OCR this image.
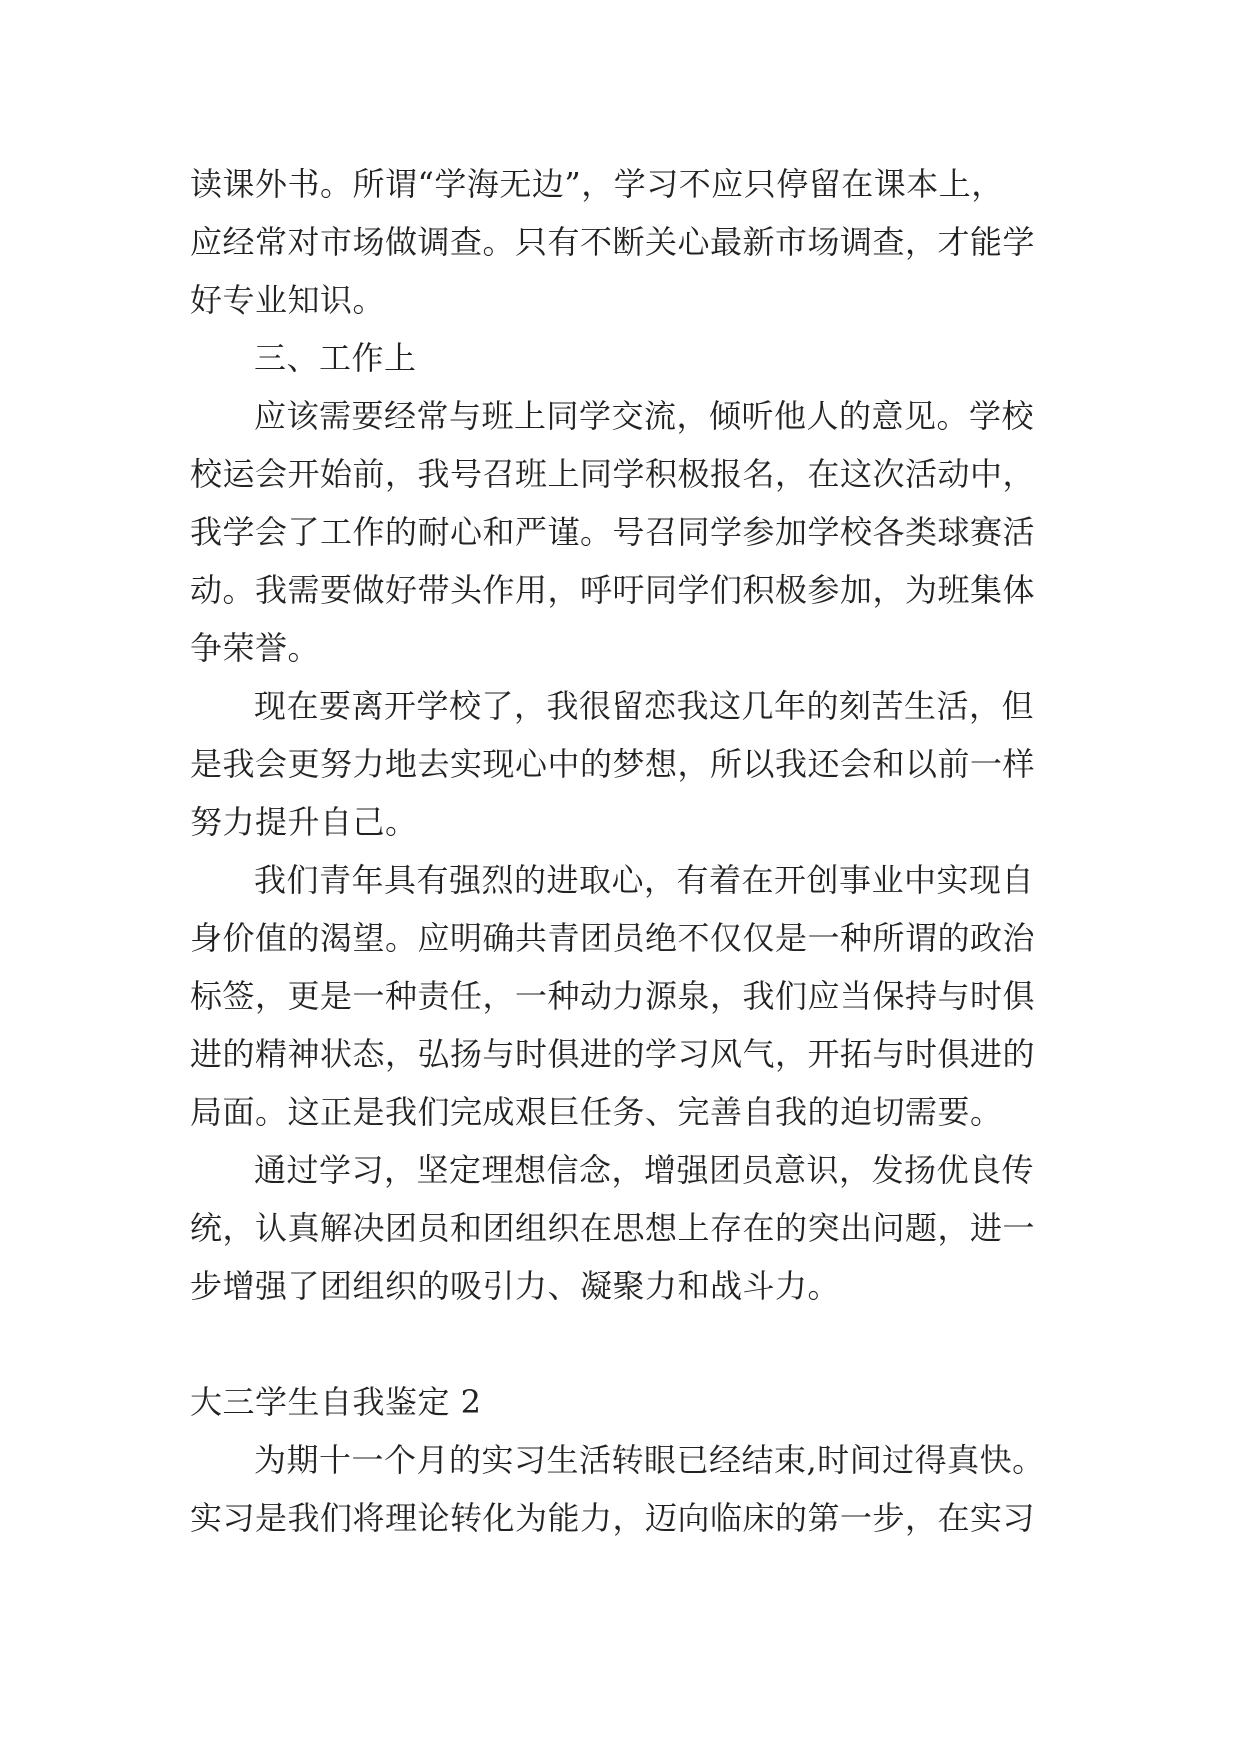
读课外书。所谓“学海无边”，学习不应只停留在课本上，
应经常对市场做调查。只有不断关心最新市场调查，才能学
好专业知识。

三、工作上

应该需要经常与班上同学交流，倾听他人的意见。学校
校运会开始前，我号召班上同学积极报名，在这次活动中，
我学会了工作的耐心和严谨。号召同学参加学校各类球赛活
动。我需要做好带头作用，呼吁同学们积极参加，为班集体
争荣誉。

现在要离开学校了，我很留恋我这几年的刻苦生活，但
是我会更努力地去实现心中的梦想，所以我还会和以前一样
努力提升自己。

我们青年具有强烈的进取心，有着在开创事业中实现自
身价值的渴望。应明确共青团员绝不仅仅是一种所谓的政治
标签，更是一种责任，一种动力源泉，我们应当保持与时俱
进的精神状态，弘扬与时俱进的学习风气，开拓与时俱进的
局面。这正是我们完成艰巨任务、完善自我的迫切需要。

通过学习，坚定理想信念，增强团员意识，发扬优良传
统，认真解决团员和团组织在思想上存在的突出问题，进一
步增强了团组织的吸引力、凝聚力和战斗力。

大三学生自我鉴定 2

为期十一个月的实习生活转眼已经结束,时间过得真快。
实习是我们将理论转化为能力，迈向临床的第一步，在实习
